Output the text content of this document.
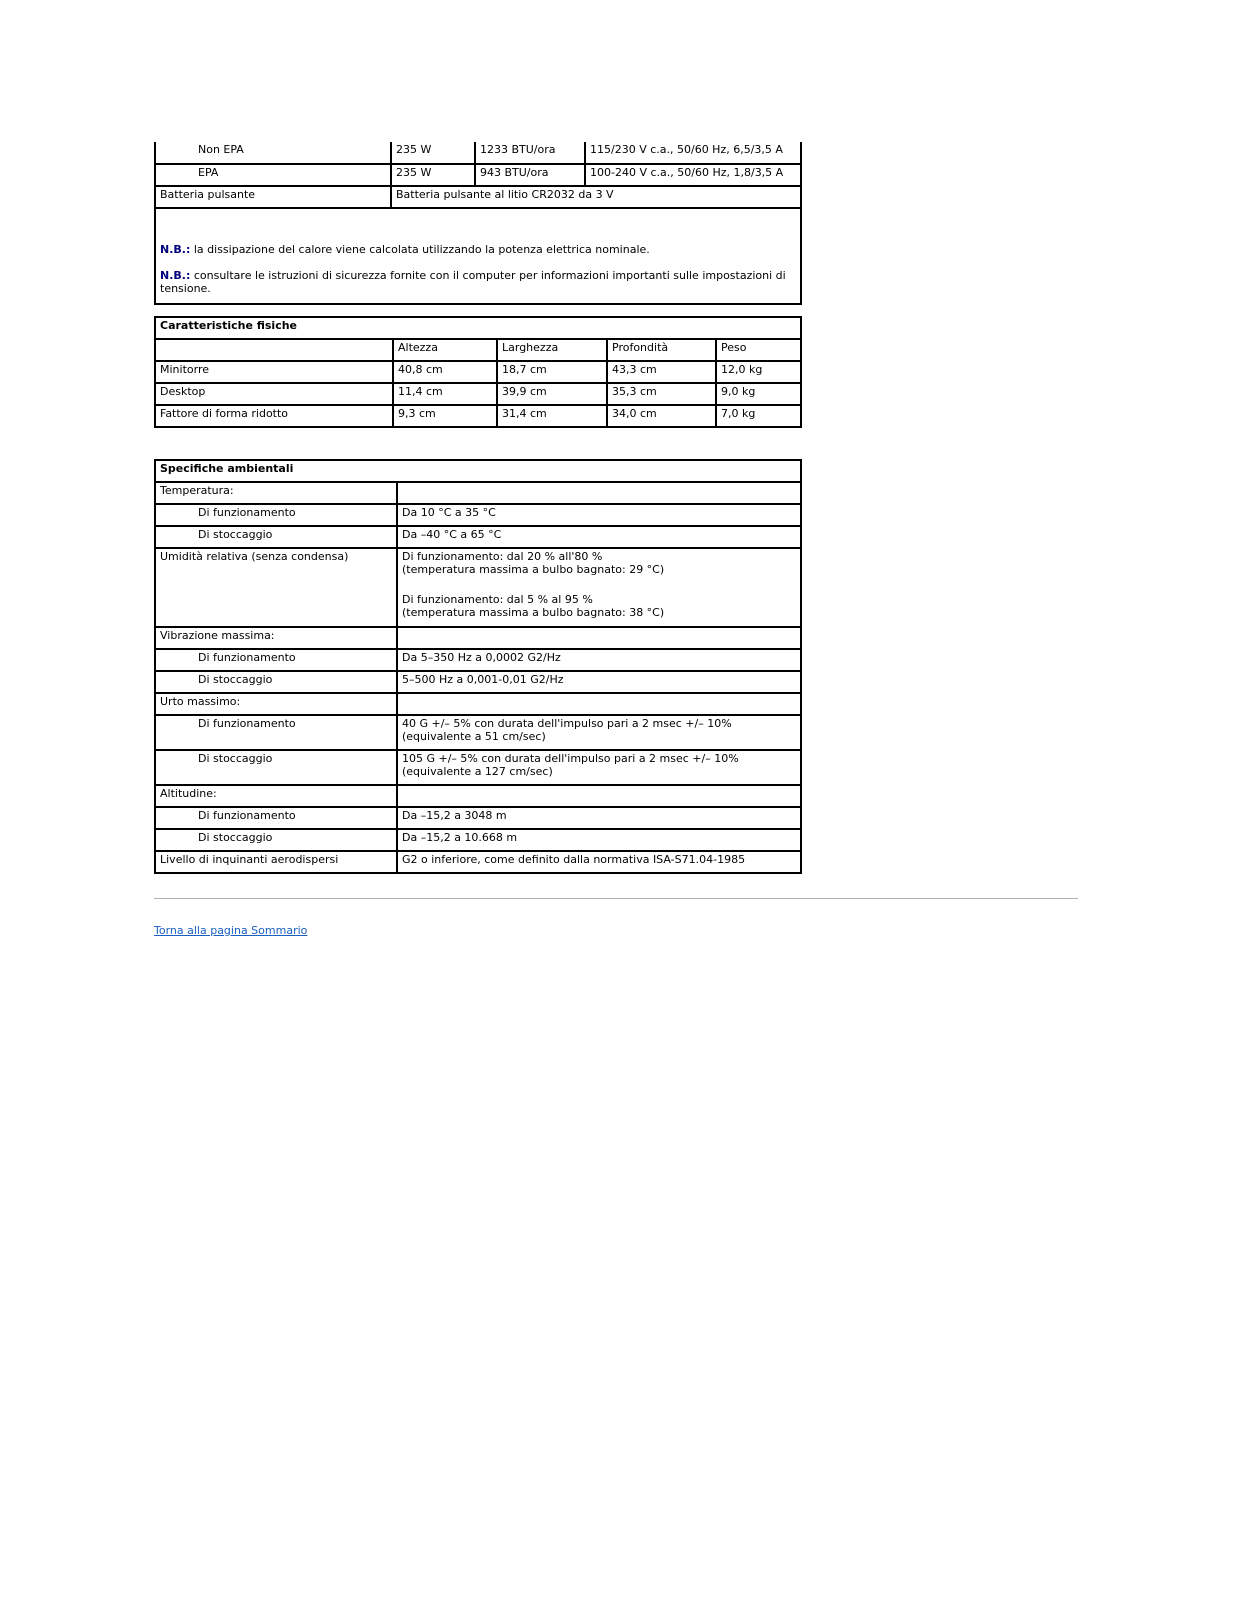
Non EPA	235 W	1233 BTU/ora	115/230 V c.a., 50/60 Hz, 6,5/3,5 A
EPA	235 W	943 BTU/ora	100-240 V c.a., 50/60 Hz, 1,8/3,5 A
Batteria pulsante	Batteria pulsante al litio CR2032 da 3 V		

N.B.: la dissipazione del calore viene calcolata utilizzando la potenza elettrica nominale.

N.B.: consultare le istruzioni di sicurezza fornite con il computer per informazioni importanti sulle impostazioni di tensione.			

Caratteristiche fisiche				
	Altezza	Larghezza	Profondità	Peso
Minitorre	40,8 cm	18,7 cm	43,3 cm	12,0 kg
Desktop	11,4 cm	39,9 cm	35,3 cm	9,0 kg
Fattore di forma ridotto	9,3 cm	31,4 cm	34,0 cm	7,0 kg
Specifiche ambientali	
Temperatura:	
Di funzionamento	Da 10 °C a 35 °C
Di stoccaggio	Da –40 °C a 65 °C
Umidità relativa (senza condensa)	Di funzionamento: dal 20 % all'80 %
(temperatura massima a bulbo bagnato: 29 °C)

Di funzionamento: dal 5 % al 95 %
(temperatura massima a bulbo bagnato: 38 °C)

Vibrazione massima:	
Di funzionamento	Da 5–350 Hz a 0,0002 G2/Hz
Di stoccaggio	5–500 Hz a 0,001-0,01 G2/Hz
Urto massimo:	
Di funzionamento	40 G +/– 5% con durata dell'impulso pari a 2 msec +/– 10%
(equivalente a 51 cm/sec)
Di stoccaggio	105 G +/– 5% con durata dell'impulso pari a 2 msec +/– 10%
(equivalente a 127 cm/sec)
Altitudine:	
Di funzionamento	Da –15,2 a 3048 m
Di stoccaggio	Da –15,2 a 10.668 m
Livello di inquinanti aerodispersi	G2 o inferiore, come definito dalla normativa ISA-S71.04-1985
Torna alla pagina Sommario
